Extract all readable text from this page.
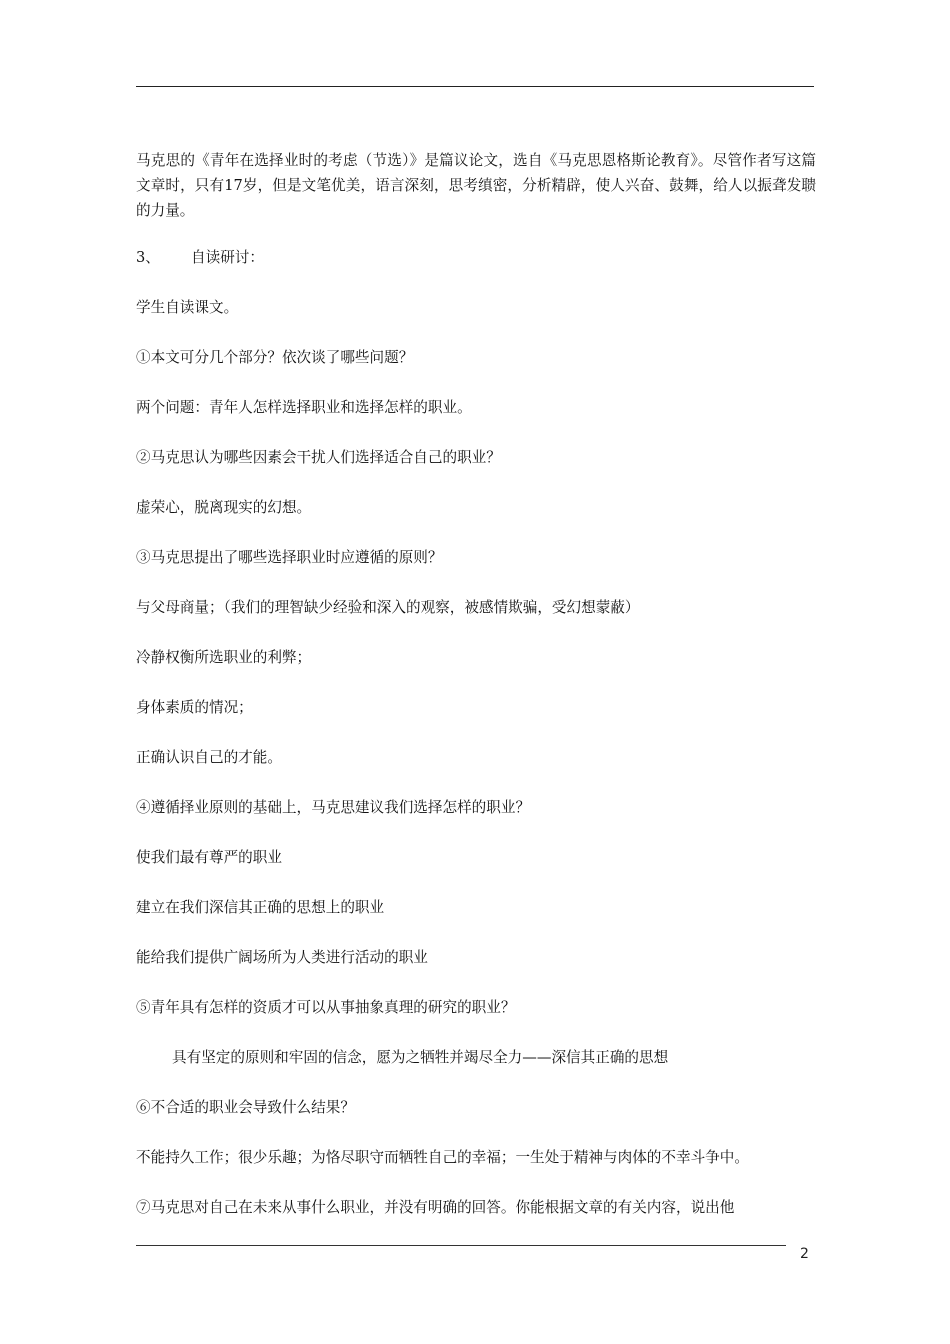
马克思的《青年在选择业时的考虑（节选）》是篇议论文，选自《马克思恩格斯论教育》。尽管作者写这篇文章时，只有17岁，但是文笔优美，语言深刻，思考缜密，分析精辟，使人兴奋、鼓舞，给人以振聋发聩的力量。

3、 自读研讨：
学生自读课文。
①本文可分几个部分？依次谈了哪些问题？
两个问题：青年人怎样选择职业和选择怎样的职业。
②马克思认为哪些因素会干扰人们选择适合自己的职业？
虚荣心，脱离现实的幻想。
③马克思提出了哪些选择职业时应遵循的原则？
与父母商量；（我们的理智缺少经验和深入的观察，被感情欺骗，受幻想蒙蔽）
冷静权衡所选职业的利弊；
身体素质的情况；
正确认识自己的才能。
④遵循择业原则的基础上，马克思建议我们选择怎样的职业？
使我们最有尊严的职业
建立在我们深信其正确的思想上的职业
能给我们提供广阔场所为人类进行活动的职业
⑤青年具有怎样的资质才可以从事抽象真理的研究的职业？
具有坚定的原则和牢固的信念，愿为之牺牲并竭尽全力——深信其正确的思想
⑥不合适的职业会导致什么结果？
不能持久工作；很少乐趣；为恪尽职守而牺牲自己的幸福；一生处于精神与肉体的不幸斗争中。
⑦马克思对自己在未来从事什么职业，并没有明确的回答。你能根据文章的有关内容，说出他
2
